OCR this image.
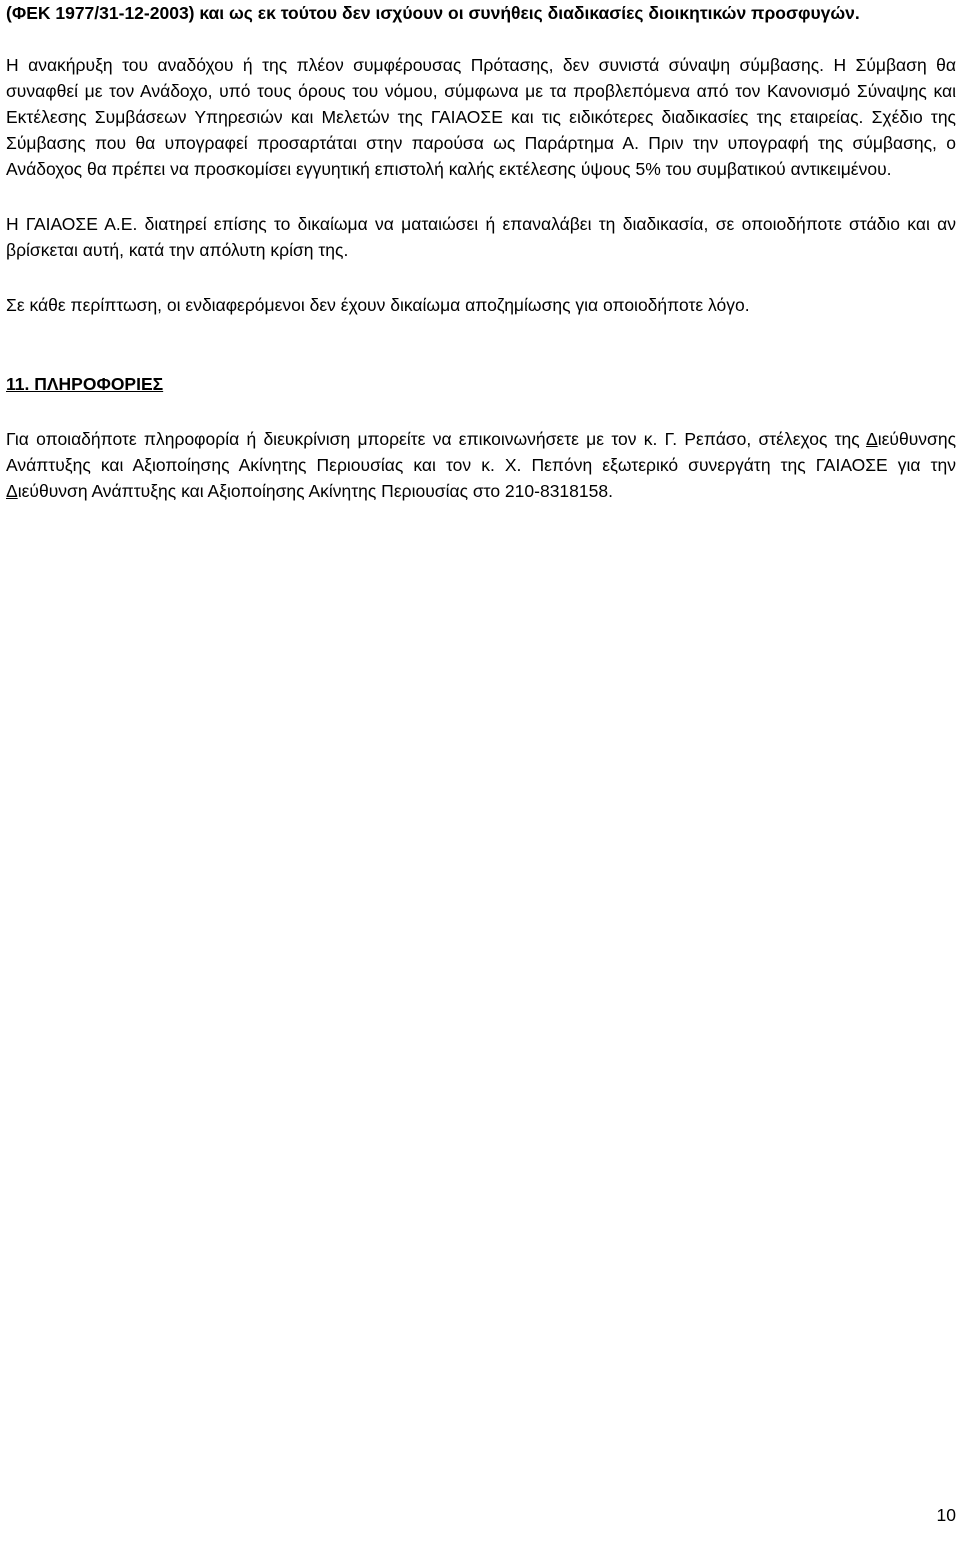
(ΦΕΚ 1977/31-12-2003) και ως εκ τούτου δεν ισχύουν οι συνήθεις διαδικασίες διοικητικών προσφυγών.

Η ανακήρυξη του αναδόχου ή της πλέον συμφέρουσας Πρότασης, δεν συνιστά σύναψη σύμβασης. Η Σύμβαση θα συναφθεί με τον Ανάδοχο, υπό τους όρους του νόμου, σύμφωνα με τα προβλεπόμενα από τον Κανονισμό Σύναψης και Εκτέλεσης Συμβάσεων Υπηρεσιών και Μελετών της ΓΑΙΑΟΣΕ και τις ειδικότερες διαδικασίες της εταιρείας. Σχέδιο της Σύμβασης που θα υπογραφεί προσαρτάται στην παρούσα ως Παράρτημα Α. Πριν την υπογραφή της σύμβασης, ο Ανάδοχος θα πρέπει να προσκομίσει εγγυητική επιστολή καλής εκτέλεσης ύψους 5% του συμβατικού αντικειμένου.

Η ΓΑΙΑΟΣΕ Α.Ε. διατηρεί επίσης το δικαίωμα να ματαιώσει ή επαναλάβει τη διαδικασία, σε οποιοδήποτε στάδιο και αν βρίσκεται αυτή, κατά την απόλυτη κρίση της.

Σε κάθε περίπτωση, οι ενδιαφερόμενοι δεν έχουν δικαίωμα αποζημίωσης για οποιοδήποτε λόγο.

11. ΠΛΗΡΟΦΟΡΙΕΣ

Για οποιαδήποτε πληροφορία ή διευκρίνιση μπορείτε να επικοινωνήσετε με τον κ. Γ. Ρεπάσο, στέλεχος της Διεύθυνσης Ανάπτυξης και Αξιοποίησης Ακίνητης Περιουσίας και τον κ. Χ. Πεπόνη εξωτερικό συνεργάτη της ΓΑΙΑΟΣΕ για την Διεύθυνση Ανάπτυξης και Αξιοποίησης Ακίνητης Περιουσίας στο 210-8318158.

10
